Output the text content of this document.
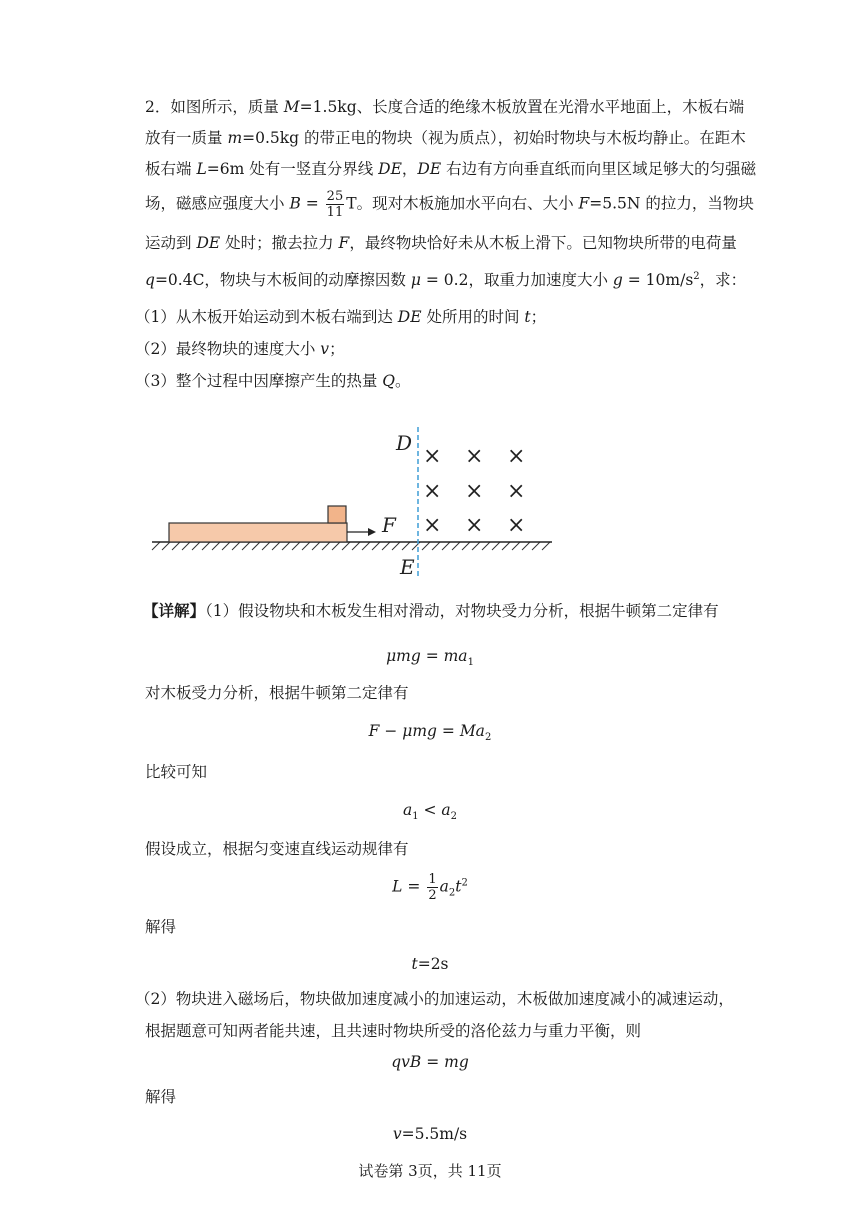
2．如图所示，质量 M=1.5kg、长度合适的绝缘木板放置在光滑水平地面上，木板右端
放有一质量 m=0.5kg 的带正电的物块（视为质点），初始时物块与木板均静止。在距木
板右端 L=6m 处有一竖直分界线 DE，DE 右边有方向垂直纸而向里区域足够大的匀强磁
场，磁感应强度大小 $B = \frac{25}{11}$ T。现对木板施加水平向右、大小 F=5.5N 的拉力，当物块
运动到 DE 处时；撤去拉力 F，最终物块恰好未从木板上滑下。已知物块所带的电荷量
q=0.4C，物块与木板间的动摩擦因数 μ = 0.2，取重力加速度大小 $g = 10m/s^2$，求：
（1）从木板开始运动到木板右端到达 DE 处所用的时间 t；
（2）最终物块的速度大小 v；
（3）整个过程中因摩擦产生的热量 Q。
F
D
E
× × ×
× × ×
× × ×
【详解】（1）假设物块和木板发生相对滑动，对物块受力分析，根据牛顿第二定律有
$\mu mg = ma_1$
对木板受力分析，根据牛顿第二定律有
$F - \mu mg = Ma_2$
比较可知
$a_1 < a_2$
假设成立，根据匀变速直线运动规律有
$L = \frac{1}{2} a_2t^2$
解得
t=2s
（2）物块进入磁场后，物块做加速度减小的加速运动，木板做加速度减小的减速运动，
根据题意可知两者能共速，且共速时物块所受的洛伦兹力与重力平衡，则
qvB = mg
解得
v=5.5m/s
试卷第 3页，共 11页
